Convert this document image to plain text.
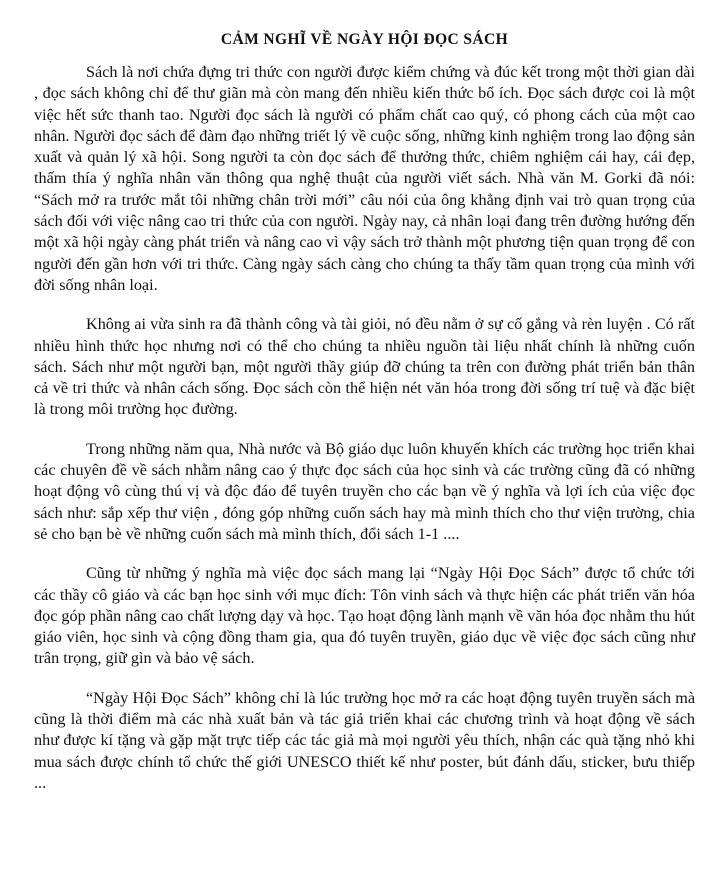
CẢM NGHĨ VỀ NGÀY HỘI ĐỌC SÁCH

Sách là nơi chứa đựng tri thức con người được kiểm chứng và đúc kết trong một thời gian dài , đọc sách không chỉ để thư giãn mà còn mang đến nhiều kiến thức bổ ích. Đọc sách được coi là một việc hết sức thanh tao. Người đọc sách là người có phẩm chất cao quý, có phong cách của một cao nhân. Người đọc sách để đàm đạo những triết lý về cuộc sống, những kinh nghiệm trong lao động sản xuất và quản lý xã hội. Song người ta còn đọc sách để thưởng thức, chiêm nghiệm cái hay, cái đẹp, thấm thía ý nghĩa nhân văn thông qua nghệ thuật của người viết sách. Nhà văn M. Gorki đã nói: “Sách mở ra trước mắt tôi những chân trời mới” câu nói của ông khẳng định vai trò quan trọng của sách đối với việc nâng cao tri thức của con người. Ngày nay, cả nhân loại đang trên đường hướng đến một xã hội ngày càng phát triển và nâng cao vì vậy sách trở thành một phương tiện quan trọng để con người đến gần hơn với tri thức. Càng ngày sách càng cho chúng ta thấy tầm quan trọng của mình với đời sống nhân loại.

Không ai vừa sinh ra đã thành công và tài giỏi, nó đều nằm ở sự cố gắng và rèn luyện . Có rất nhiều hình thức học nhưng nơi có thể cho chúng ta nhiều nguồn tài liệu nhất chính là những cuốn sách. Sách như một người bạn, một người thầy giúp đỡ chúng ta trên con đường phát triển bản thân cả về tri thức và nhân cách sống. Đọc sách còn thể hiện nét văn hóa trong đời sống trí tuệ và đặc biệt là trong môi trường học đường.

Trong những năm qua, Nhà nước và Bộ giáo dục luôn khuyến khích các trường học triển khai các chuyên đề về sách nhằm nâng cao ý thực đọc sách của học sinh và các trường cũng đã có những hoạt động vô cùng thú vị và độc đáo để tuyên truyền cho các bạn về ý nghĩa và lợi ích của việc đọc sách như: sắp xếp thư viện , đóng góp những cuốn sách hay mà mình thích cho thư viện trường, chia sẻ cho bạn bè về những cuốn sách mà mình thích, đổi sách 1-1 ....

Cũng từ những ý nghĩa mà việc đọc sách mang lại “Ngày Hội Đọc Sách” được tổ chức tới các thầy cô giáo và các bạn học sinh với mục đích: Tôn vinh sách và thực hiện các phát triển văn hóa đọc góp phần nâng cao chất lượng dạy và học. Tạo hoạt động lành mạnh về văn hóa đọc nhằm thu hút giáo viên, học sinh và cộng đồng tham gia, qua đó tuyên truyền, giáo dục về việc đọc sách cũng như trân trọng, giữ gìn và bảo vệ sách.

“Ngày Hội Đọc Sách” không chỉ là lúc trường học mở ra các hoạt động tuyên truyền sách mà cũng là thời điểm mà các nhà xuất bản và tác giả triển khai các chương trình và hoạt động về sách như được kí tặng và gặp mặt trực tiếp các tác giả mà mọi người yêu thích, nhận các quà tặng nhỏ khi mua sách được chính tổ chức thế giới UNESCO thiết kế như poster, bút đánh dấu, sticker, bưu thiếp ...
